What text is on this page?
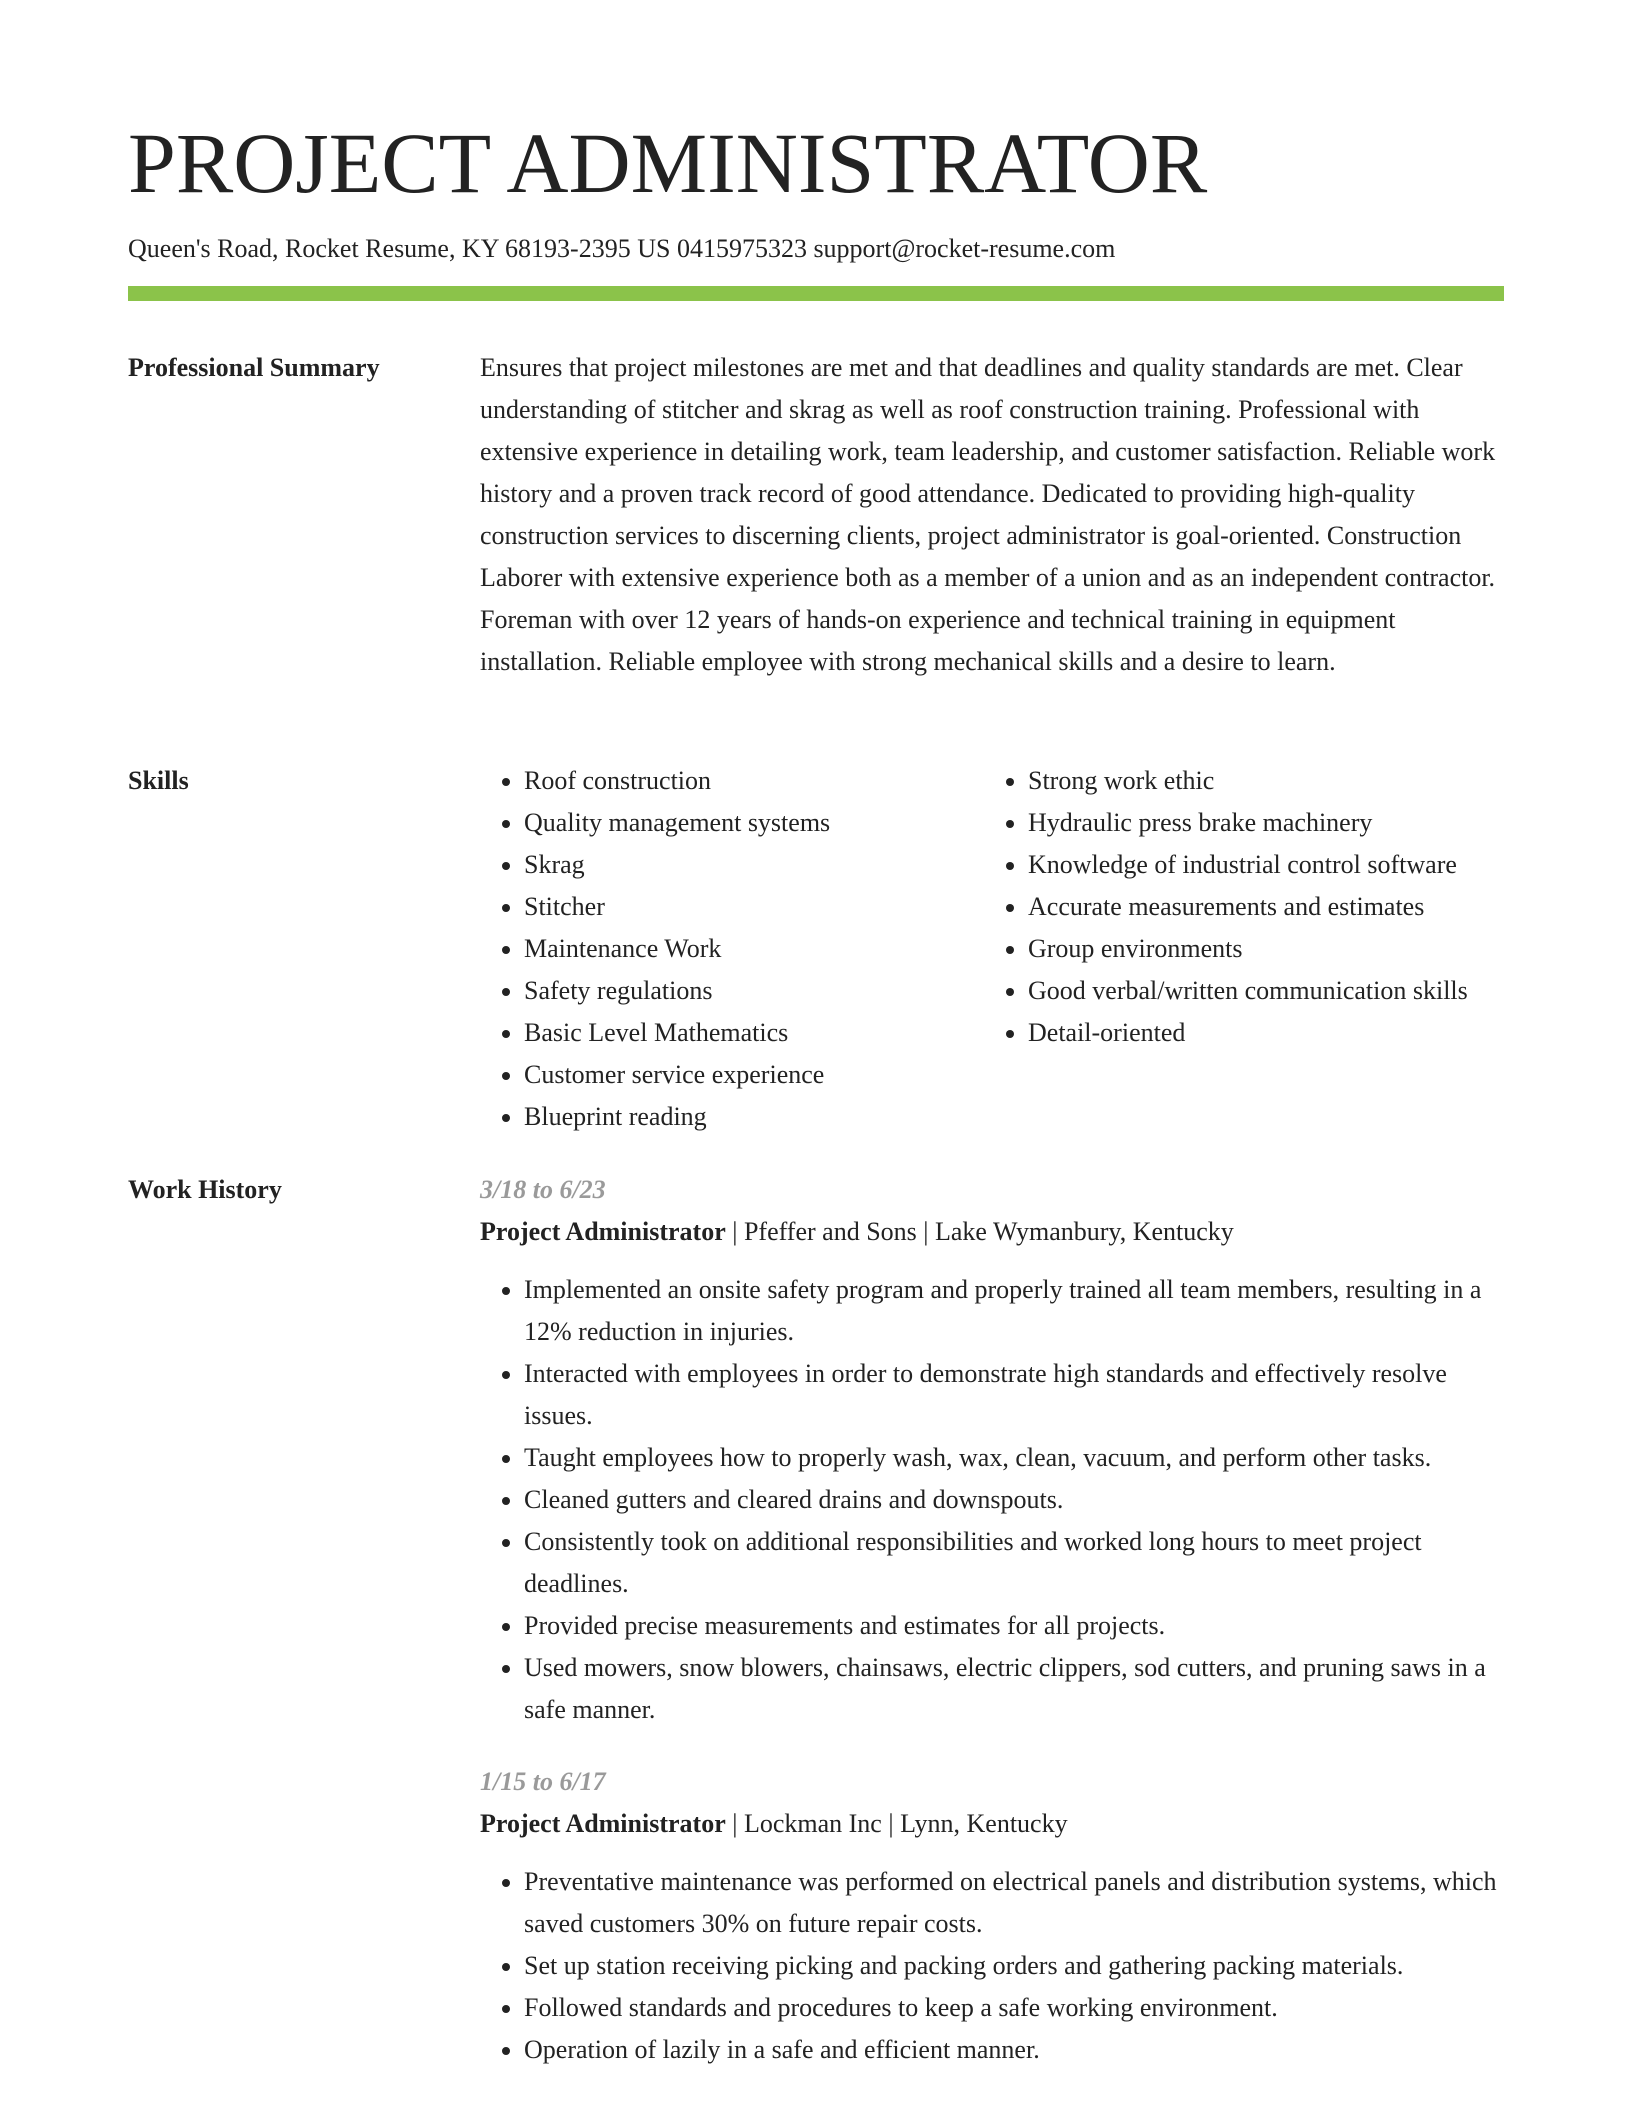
PROJECT ADMINISTRATOR
Queen's Road, Rocket Resume, KY 68193-2395 US 0415975323 support@rocket-resume.com
Professional Summary	Ensures that project milestones are met and that deadlines and quality standards are met. Clear understanding of stitcher and skrag as well as roof construction training. Professional with extensive experience in detailing work, team leadership, and customer satisfaction. Reliable work history and a proven track record of good attendance. Dedicated to providing high-quality construction services to discerning clients, project administrator is goal-oriented. Construction Laborer with extensive experience both as a member of a union and as an independent contractor. Foreman with over 12 years of hands-on experience and technical training in equipment installation. Reliable employee with strong mechanical skills and a desire to learn.

Skills
•	Roof construction
• Quality management systems
• Skrag
• Stitcher
• Maintenance Work
• Safety regulations
• Basic Level Mathematics
• Customer service experience
• Blueprint reading
• Strong work ethic
• Hydraulic press brake machinery
• Knowledge of industrial control software
• Accurate measurements and estimates
• Group environments
• Good verbal/written communication skills
• Detail-oriented
Work History	3/18 to 6/23
Project Administrator | Pfeffer and Sons | Lake Wymanbury, Kentucky
• Implemented an onsite safety program and properly trained all team members, resulting in a 12% reduction in injuries.
• Interacted with employees in order to demonstrate high standards and effectively resolve issues.
• Taught employees how to properly wash, wax, clean, vacuum, and perform other tasks.
• Cleaned gutters and cleared drains and downspouts.
• Consistently took on additional responsibilities and worked long hours to meet project deadlines.
• Provided precise measurements and estimates for all projects.
• Used mowers, snow blowers, chainsaws, electric clippers, sod cutters, and pruning saws in a safe manner.
1/15 to 6/17
Project Administrator | Lockman Inc | Lynn, Kentucky
• Preventative maintenance was performed on electrical panels and distribution systems, which saved customers 30% on future repair costs.
• Set up station receiving picking and packing orders and gathering packing materials.
• Followed standards and procedures to keep a safe working environment.
• Operation of lazily in a safe and efficient manner.
